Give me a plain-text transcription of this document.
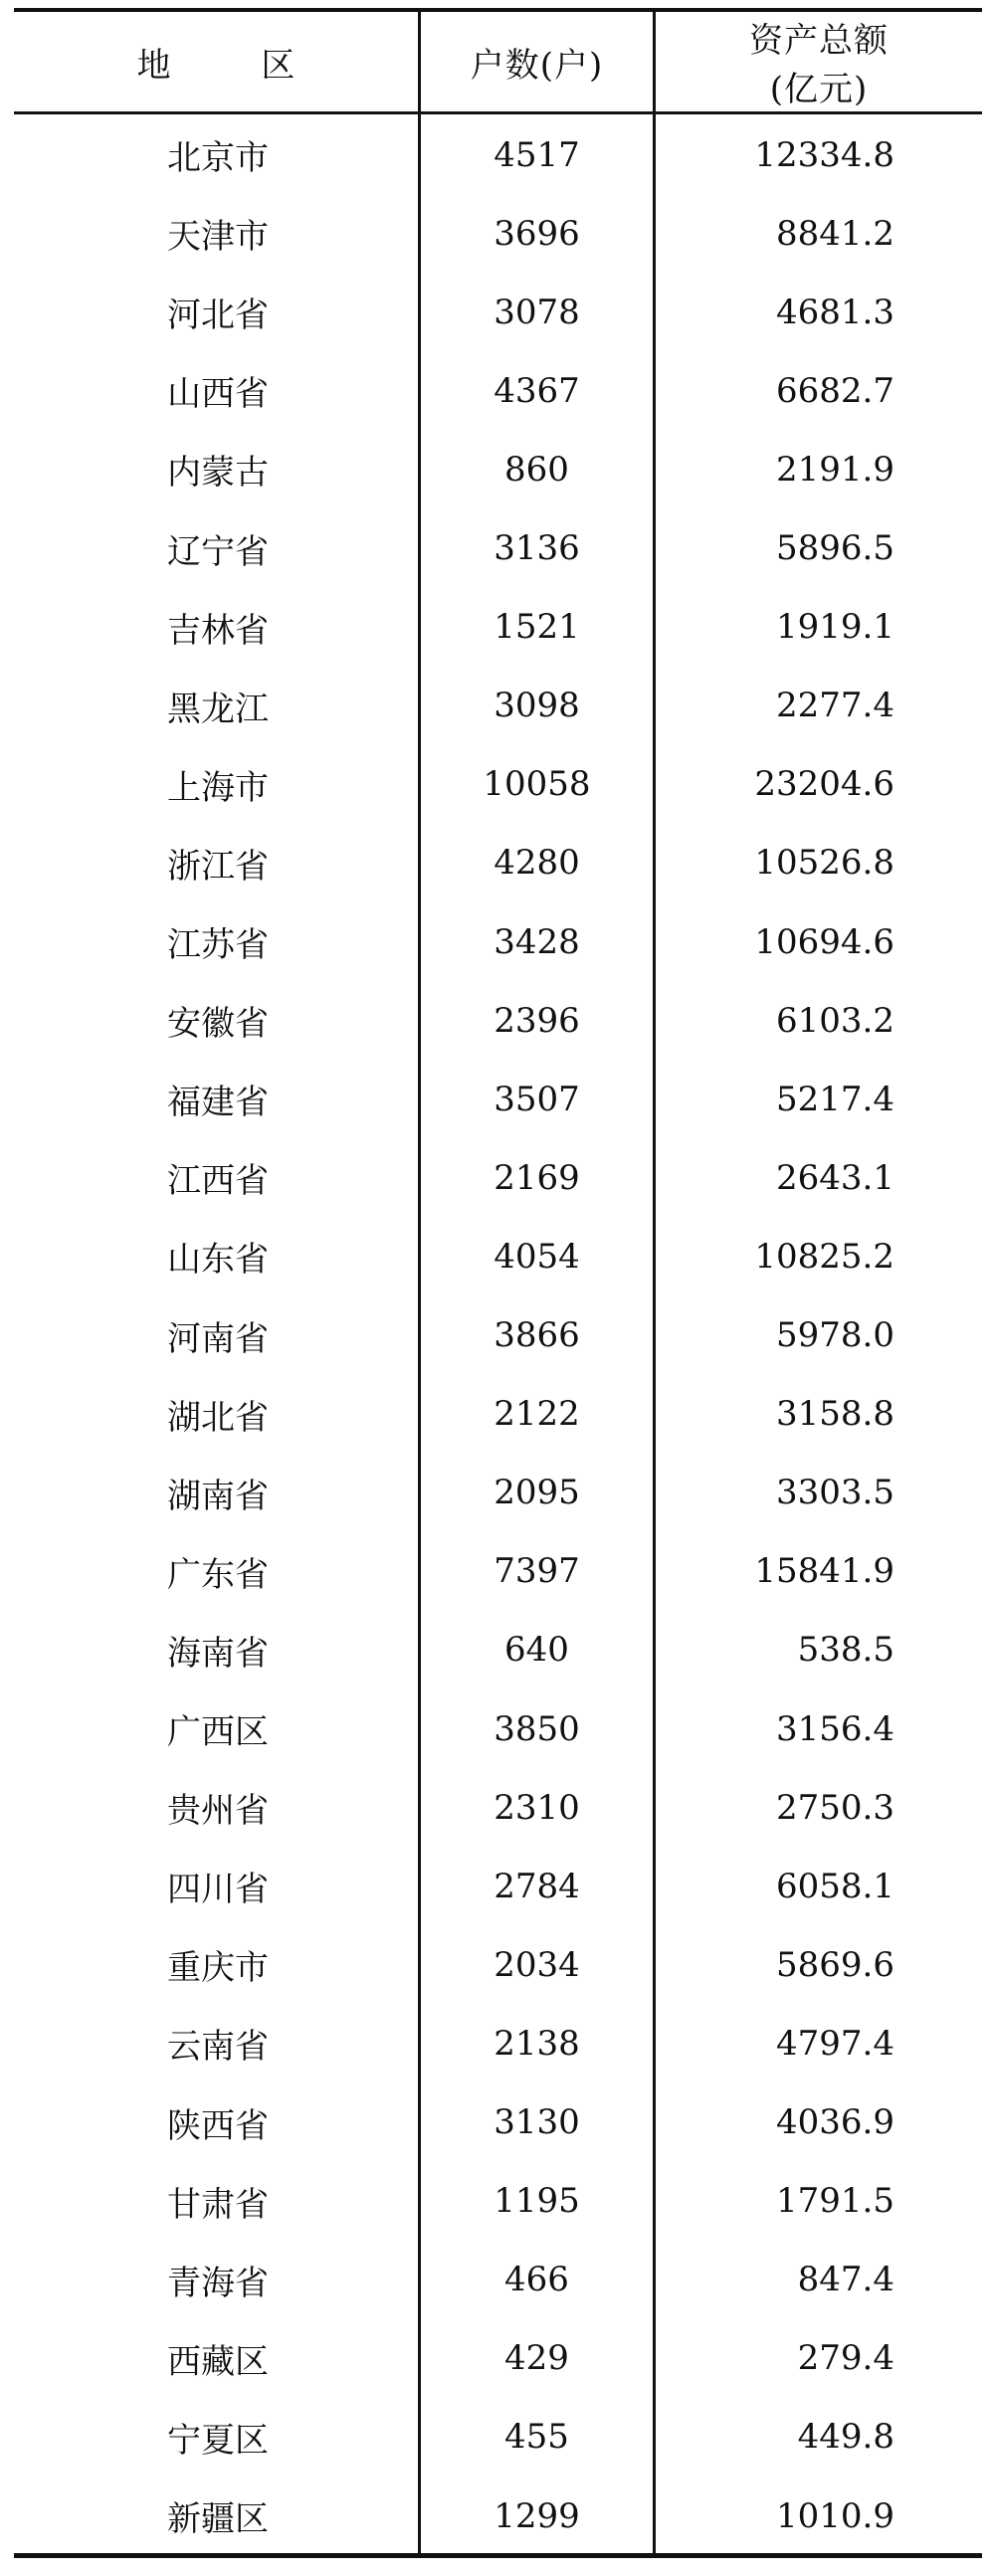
地 区	户数(户)
资产总额
(亿元)
北京市	4517	12334.8
天津市	3696	8841.2
河北省	3078	4681.3
山西省	4367	6682.7
内蒙古	860	2191.9
辽宁省	3136	5896.5
吉林省	1521	1919.1
黑龙江	3098	2277.4
上海市	10058	23204.6
浙江省	4280	10526.8
江苏省	3428	10694.6
安徽省	2396	6103.2
福建省	3507	5217.4
江西省	2169	2643.1
山东省	4054	10825.2
河南省	3866	5978.0
湖北省	2122	3158.8
湖南省	2095	3303.5
广东省	7397	15841.9
海南省	640	538.5
广西区	3850	3156.4
贵州省	2310	2750.3
四川省	2784	6058.1
重庆市	2034	5869.6
云南省	2138	4797.4
陕西省	3130	4036.9
甘肃省	1195	1791.5
青海省	466	847.4
西藏区	429	279.4
宁夏区	455	449.8
新疆区	1299	1010.9
